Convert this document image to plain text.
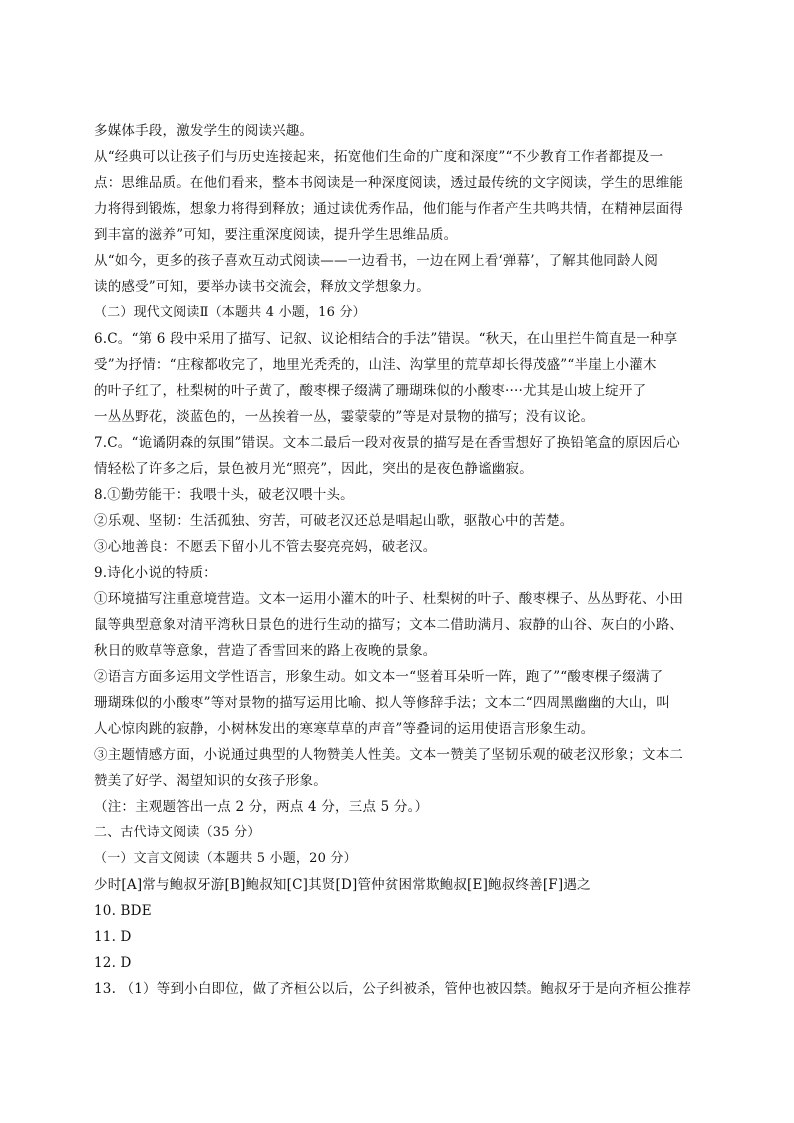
多媒体手段，激发学生的阅读兴趣。
从“经典可以让孩子们与历史连接起来，拓宽他们生命的广度和深度”“不少教育工作者都提及一
点：思维品质。在他们看来，整本书阅读是一种深度阅读，透过最传统的文字阅读，学生的思维能
力将得到锻炼，想象力将得到释放；通过读优秀作品，他们能与作者产生共鸣共情，在精神层面得
到丰富的滋养”可知，要注重深度阅读，提升学生思维品质。
从“如今，更多的孩子喜欢互动式阅读——一边看书，一边在网上看‘弹幕’，了解其他同龄人阅
读的感受”可知，要举办读书交流会，释放文学想象力。
（二）现代文阅读Ⅱ（本题共 4 小题，16 分）
6.C。“第 6 段中采用了描写、记叙、议论相结合的手法”错误。“秋天，在山里拦牛简直是一种享
受”为抒情：“庄稼都收完了，地里光秃秃的，山洼、沟掌里的荒草却长得茂盛”“半崖上小灌木
的叶子红了，杜梨树的叶子黄了，酸枣棵子缀满了珊瑚珠似的小酸枣····尤其是山坡上绽开了
一丛丛野花，淡蓝色的，一丛挨着一丛，霎蒙蒙的”等是对景物的描写；没有议论。
7.C。“诡谲阴森的氛围”错误。文本二最后一段对夜景的描写是在香雪想好了换铅笔盒的原因后心
情轻松了许多之后，景色被月光“照亮”，因此，突出的是夜色静谧幽寂。
8.①勤劳能干：我喂十头，破老汉喂十头。
②乐观、坚韧：生活孤独、穷苦，可破老汉还总是唱起山歌，驱散心中的苦楚。
③心地善良：不愿丢下留小儿不管去娶亮亮妈，破老汉。
9.诗化小说的特质：
①环境描写注重意境营造。文本一运用小灌木的叶子、杜梨树的叶子、酸枣棵子、丛丛野花、小田
鼠等典型意象对清平湾秋日景色的进行生动的描写；文本二借助满月、寂静的山谷、灰白的小路、
秋日的败草等意象，营造了香雪回来的路上夜晚的景象。
②语言方面多运用文学性语言，形象生动。如文本一“竖着耳朵听一阵，跑了”“酸枣棵子缀满了
珊瑚珠似的小酸枣”等对景物的描写运用比喻、拟人等修辞手法；文本二“四周黑幽幽的大山，叫
人心惊肉跳的寂静，小树林发出的寒寒草草的声音”等叠词的运用使语言形象生动。
③主题情感方面，小说通过典型的人物赞美人性美。文本一赞美了坚韧乐观的破老汉形象；文本二
赞美了好学、渴望知识的女孩子形象。
（注：主观题答出一点 2 分，两点 4 分，三点 5 分。）
二、古代诗文阅读（35 分）
（一）文言文阅读（本题共 5 小题，20 分）
少时[A]常与鲍叔牙游[B]鲍叔知[C]其贤[D]管仲贫困常欺鲍叔[E]鲍叔终善[F]遇之
10. BDE
11. D
12. D
13. （1）等到小白即位，做了齐桓公以后，公子纠被杀，管仲也被囚禁。鲍叔牙于是向齐桓公推荐
